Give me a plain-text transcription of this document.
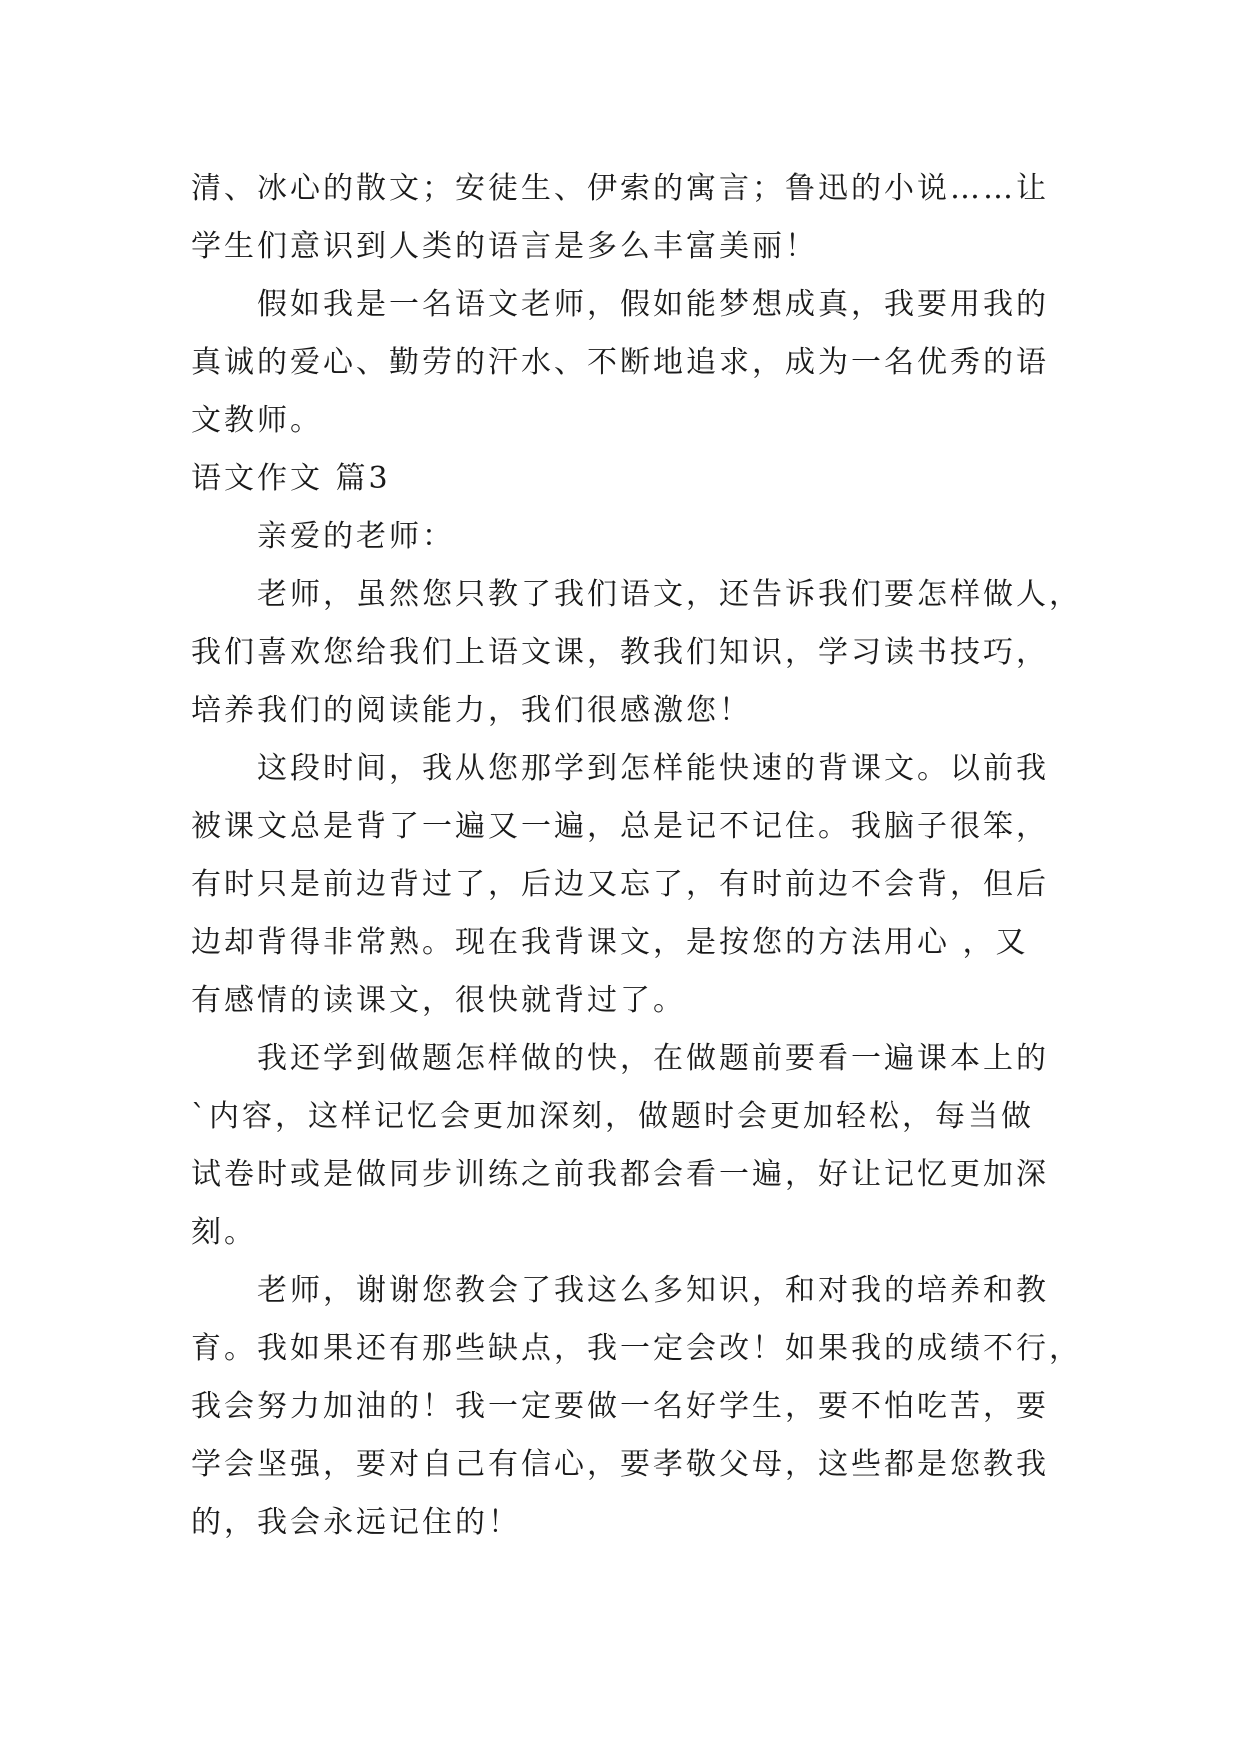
清、冰心的散文；安徒生、伊索的寓言；鲁迅的小说……让
学生们意识到人类的语言是多么丰富美丽！
假如我是一名语文老师，假如能梦想成真，我要用我的
真诚的爱心、勤劳的汗水、不断地追求，成为一名优秀的语
文教师。
语文作文 篇3
亲爱的老师：
老师，虽然您只教了我们语文，还告诉我们要怎样做人，
我们喜欢您给我们上语文课，教我们知识，学习读书技巧，
培养我们的阅读能力，我们很感激您！
这段时间，我从您那学到怎样能快速的背课文。以前我
被课文总是背了一遍又一遍，总是记不记住。我脑子很笨，
有时只是前边背过了，后边又忘了，有时前边不会背，但后
边却背得非常熟。现在我背课文，是按您的方法用心 ，又
有感情的读课文，很快就背过了。
我还学到做题怎样做的快，在做题前要看一遍课本上的
`内容，这样记忆会更加深刻，做题时会更加轻松，每当做
试卷时或是做同步训练之前我都会看一遍，好让记忆更加深
刻。
老师，谢谢您教会了我这么多知识，和对我的培养和教
育。我如果还有那些缺点，我一定会改！如果我的成绩不行，
我会努力加油的！我一定要做一名好学生，要不怕吃苦，要
学会坚强，要对自己有信心，要孝敬父母，这些都是您教我
的，我会永远记住的！
